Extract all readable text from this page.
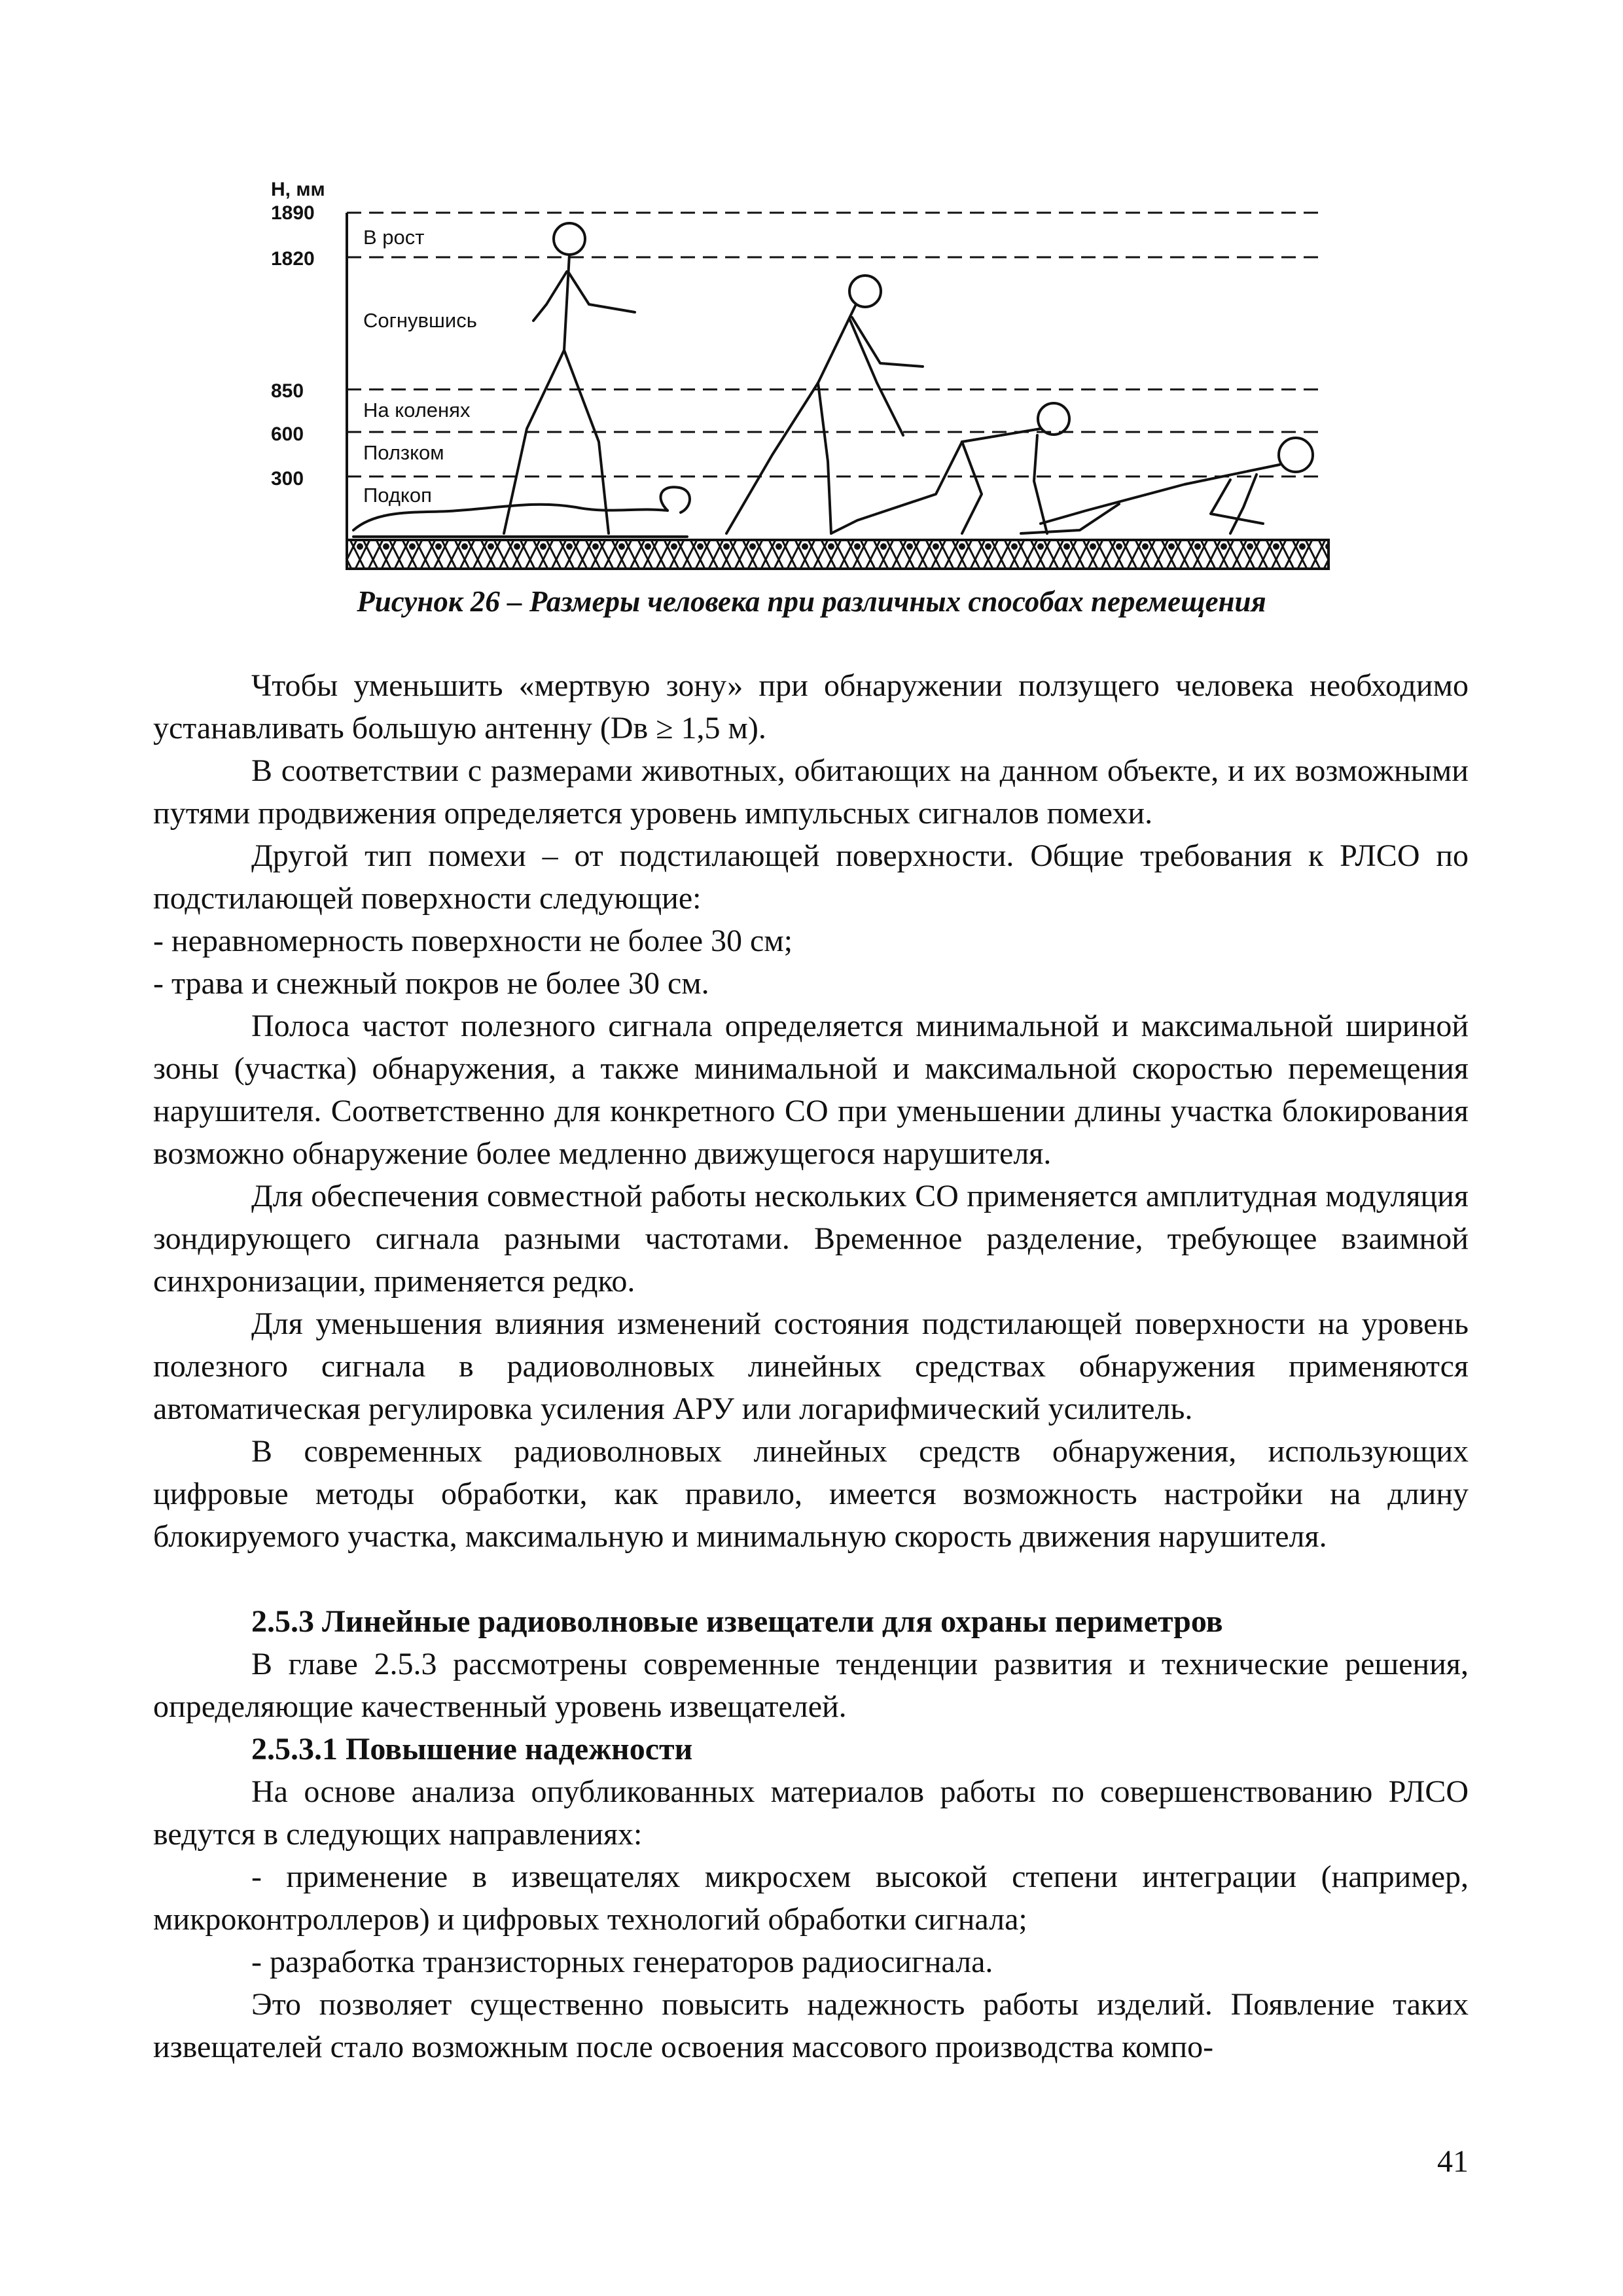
H, мм
1890
1820
850
600
300
В рост
Согнувшись
На коленях
Ползком
Подкоп

Рисунок 26 – Размеры человека при различных способах перемещения

Чтобы уменьшить «мертвую зону» при обнаружении ползущего человека необходимо устанавливать большую антенну (Dв ≥ 1,5 м).

В соответствии с размерами животных, обитающих на данном объекте, и их возможными путями продвижения определяется уровень импульсных сигналов помехи.

Другой тип помехи – от подстилающей поверхности. Общие требования к РЛСО по подстилающей поверхности следующие:

- неравномерность поверхности не более 30 см;

- трава и снежный покров не более 30 см.

Полоса частот полезного сигнала определяется минимальной и максимальной шириной зоны (участка) обнаружения, а также минимальной и максимальной скоростью перемещения нарушителя. Соответственно для конкретного СО при уменьшении длины участка блокирования возможно обнаружение более медленно движущегося нарушителя.

Для обеспечения совместной работы нескольких СО применяется амплитудная модуляция зондирующего сигнала разными частотами. Временное разделение, требующее взаимной синхронизации, применяется редко.

Для уменьшения влияния изменений состояния подстилающей поверхности на уровень полезного сигнала в радиоволновых линейных средствах обнаружения применяются автоматическая регулировка усиления АРУ или логарифмический усилитель.

В современных радиоволновых линейных средств обнаружения, использующих цифровые методы обработки, как правило, имеется возможность настройки на длину блокируемого участка, максимальную и минимальную скорость движения нарушителя.

2.5.3 Линейные радиоволновые извещатели для охраны периметров

В главе 2.5.3 рассмотрены современные тенденции развития и технические решения, определяющие качественный уровень извещателей.

2.5.3.1 Повышение надежности

На основе анализа опубликованных материалов работы по совершенствованию РЛСО ведутся в следующих направлениях:

- применение в извещателях микросхем высокой степени интеграции (например, микроконтроллеров) и цифровых технологий обработки сигнала;

- разработка транзисторных генераторов радиосигнала.

Это позволяет существенно повысить надежность работы изделий. Появление таких извещателей стало возможным после освоения массового производства компо-

41
